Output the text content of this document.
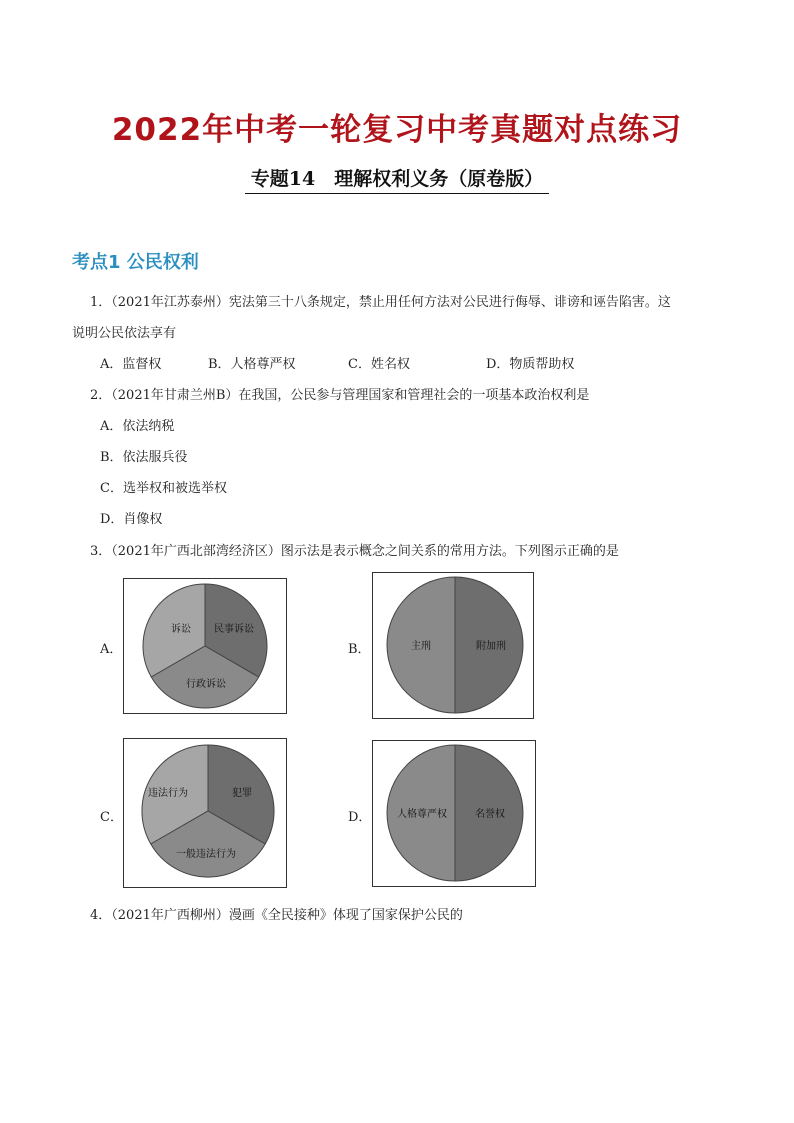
2022年中考一轮复习中考真题对点练习
专题14　理解权利义务（原卷版）
考点1 公民权利
1．（2021年江苏泰州）宪法第三十八条规定，禁止用任何方法对公民进行侮辱、诽谤和诬告陷害。这
说明公民依法享有
A．监督权	B．人格尊严权	C．姓名权	D．物质帮助权
2．（2021年甘肃兰州B）在我国，公民参与管理国家和管理社会的一项基本政治权利是
A．依法纳税
B．依法服兵役
C．选举权和被选举权
D．肖像权
3．（2021年广西北部湾经济区）图示法是表示概念之间关系的常用方法。下列图示正确的是
A．
诉讼 民事诉讼
行政诉讼
B．	主刑	附加刑
C．
违法行为	犯罪
一般违法行为
D．	人格尊严权	名誉权
4．（2021年广西柳州）漫画《全民接种》体现了国家保护公民的
